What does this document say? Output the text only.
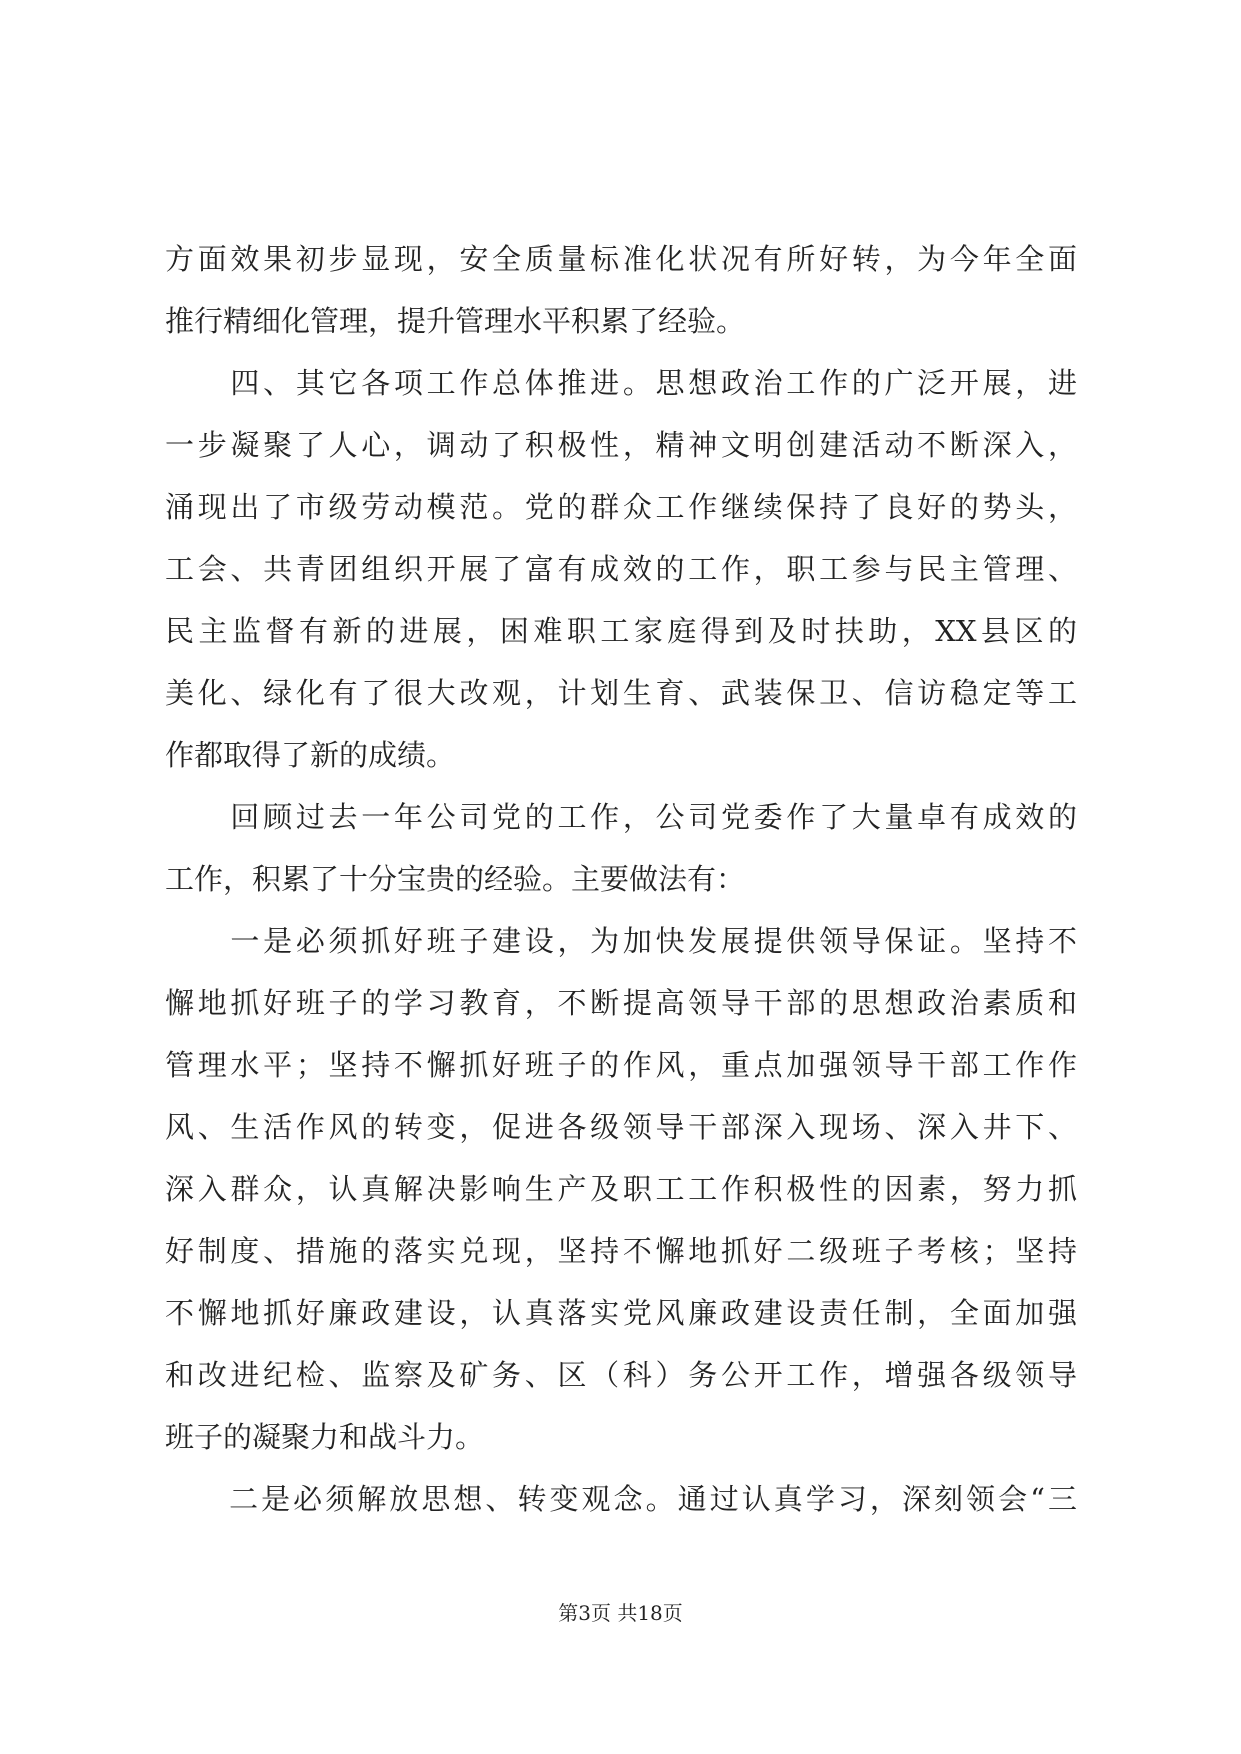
方面效果初步显现，安全质量标准化状况有所好转，为今年全面
推行精细化管理，提升管理水平积累了经验。

　　四、其它各项工作总体推进。思想政治工作的广泛开展，进
一步凝聚了人心，调动了积极性，精神文明创建活动不断深入，
涌现出了市级劳动模范。党的群众工作继续保持了良好的势头，
工会、共青团组织开展了富有成效的工作，职工参与民主管理、
民主监督有新的进展，困难职工家庭得到及时扶助，XX县区的
美化、绿化有了很大改观，计划生育、武装保卫、信访稳定等工
作都取得了新的成绩。

　　回顾过去一年公司党的工作，公司党委作了大量卓有成效的
工作，积累了十分宝贵的经验。主要做法有：

　　一是必须抓好班子建设，为加快发展提供领导保证。坚持不
懈地抓好班子的学习教育，不断提高领导干部的思想政治素质和
管理水平；坚持不懈抓好班子的作风，重点加强领导干部工作作
风、生活作风的转变，促进各级领导干部深入现场、深入井下、
深入群众，认真解决影响生产及职工工作积极性的因素，努力抓
好制度、措施的落实兑现，坚持不懈地抓好二级班子考核；坚持
不懈地抓好廉政建设，认真落实党风廉政建设责任制，全面加强
和改进纪检、监察及矿务、区（科）务公开工作，增强各级领导
班子的凝聚力和战斗力。

　　二是必须解放思想、转变观念。通过认真学习，深刻领会“三

第3页 共18页
